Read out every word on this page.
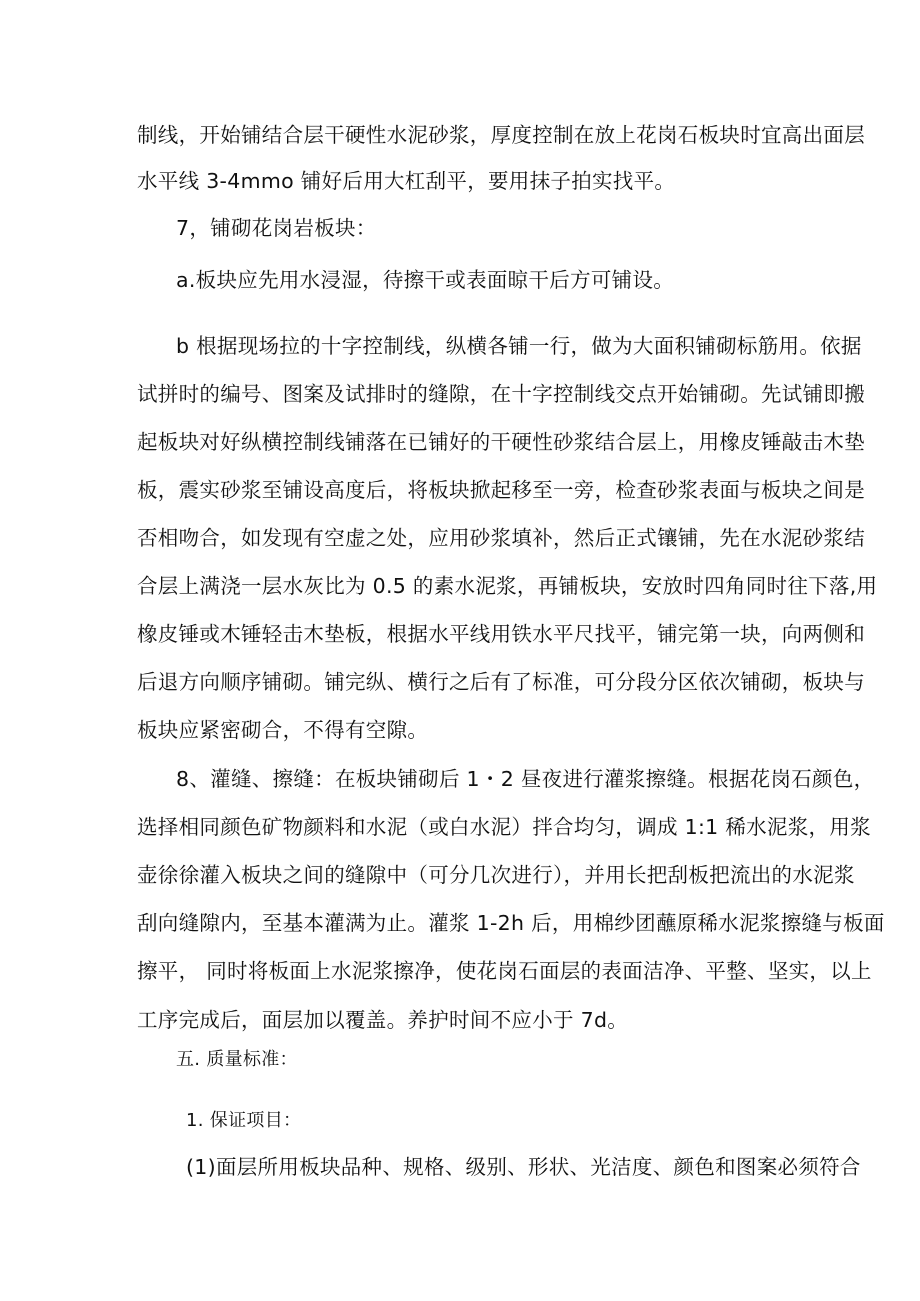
制线，开始铺结合层干硬性水泥砂浆，厚度控制在放上花岗石板块时宜高出面层
水平线 3-4mmo 铺好后用大杠刮平，要用抹子拍实找平。
7，铺砌花岗岩板块：
a.板块应先用水浸湿，待擦干或表面晾干后方可铺设。
b 根据现场拉的十字控制线，纵横各铺一行，做为大面积铺砌标筋用。依据
试拼时的编号、图案及试排时的缝隙，在十字控制线交点开始铺砌。先试铺即搬
起板块对好纵横控制线铺落在已铺好的干硬性砂浆结合层上，用橡皮锤敲击木垫
板，震实砂浆至铺设高度后，将板块掀起移至一旁，检查砂浆表面与板块之间是
否相吻合，如发现有空虚之处，应用砂浆填补，然后正式镶铺，先在水泥砂浆结
合层上满浇一层水灰比为 0.5 的素水泥浆，再铺板块，安放时四角同时往下落,用
橡皮锤或木锤轻击木垫板，根据水平线用铁水平尺找平，铺完第一块，向两侧和
后退方向顺序铺砌。铺完纵、横行之后有了标准，可分段分区依次铺砌，板块与
板块应紧密砌合，不得有空隙。
8、灌缝、擦缝：在板块铺砌后 1・2 昼夜进行灌浆擦缝。根据花岗石颜色，
选择相同颜色矿物颜料和水泥（或白水泥）拌合均匀，调成 1:1 稀水泥浆，用浆
壶徐徐灌入板块之间的缝隙中（可分几次进行），并用长把刮板把流出的水泥浆
刮向缝隙内，至基本灌满为止。灌浆 1-2h 后，用棉纱团蘸原稀水泥浆擦缝与板面
擦平， 同时将板面上水泥浆擦净，使花岗石面层的表面洁净、平整、坚实，以上
工序完成后，面层加以覆盖。养护时间不应小于 7d。
五. 质量标准：
1. 保证项目：
(1)面层所用板块品种、规格、级别、形状、光洁度、颜色和图案必须符合
